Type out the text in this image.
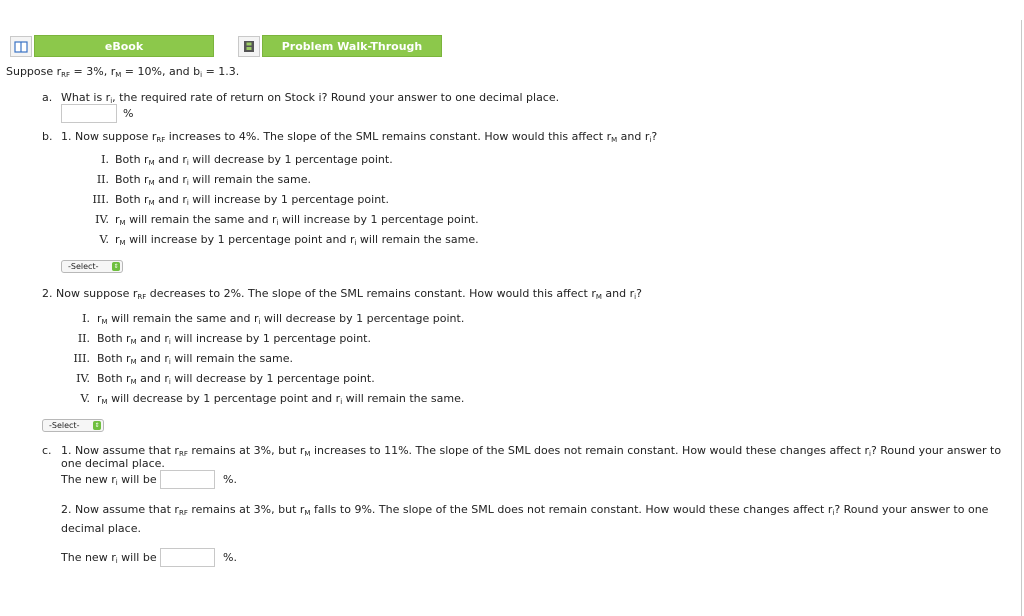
eBook	Problem Walk-Through
Suppose $r_{RF} = 3\%$, $r_M = 10\%$, and $b_i = 1.3$.
a. What is $r_i$, the required rate of return on Stock i? Round your answer to one decimal place.
%
b. 1. Now suppose $r_{RF}$ increases to 4%. The slope of the SML remains constant. How would this affect $r_M$ and $r_i$?
I. Both $r_M$ and $r_i$ will decrease by 1 percentage point.
II. Both $r_M$ and $r_i$ will remain the same.
III. Both $r_M$ and $r_i$ will increase by 1 percentage point.
IV. $r_M$ will remain the same and $r_i$ will increase by 1 percentage point.
V. $r_M$ will increase by 1 percentage point and $r_i$ will remain the same.
-Select-	⇕
2. Now suppose $r_{RF}$ decreases to 2%. The slope of the SML remains constant. How would this affect $r_M$ and $r_i$?
I. $r_M$ will remain the same and $r_i$ will decrease by 1 percentage point.
II. Both $r_M$ and $r_i$ will increase by 1 percentage point.
III. Both $r_M$ and $r_i$ will remain the same.
IV. Both $r_M$ and $r_i$ will decrease by 1 percentage point.
V. $r_M$ will decrease by 1 percentage point and $r_i$ will remain the same.
-Select-	⇕
c. 1. Now assume that $r_{RF}$ remains at 3%, but $r_M$ increases to 11%. The slope of the SML does not remain constant. How would these changes affect $r_i$? Round your answer to
one decimal place.
The new $r_i$ will be	%.
2. Now assume that $r_{RF}$ remains at 3%, but $r_M$ falls to 9%. The slope of the SML does not remain constant. How would these changes affect $r_i$? Round your answer to one
decimal place.
The new $r_i$ will be	%.
